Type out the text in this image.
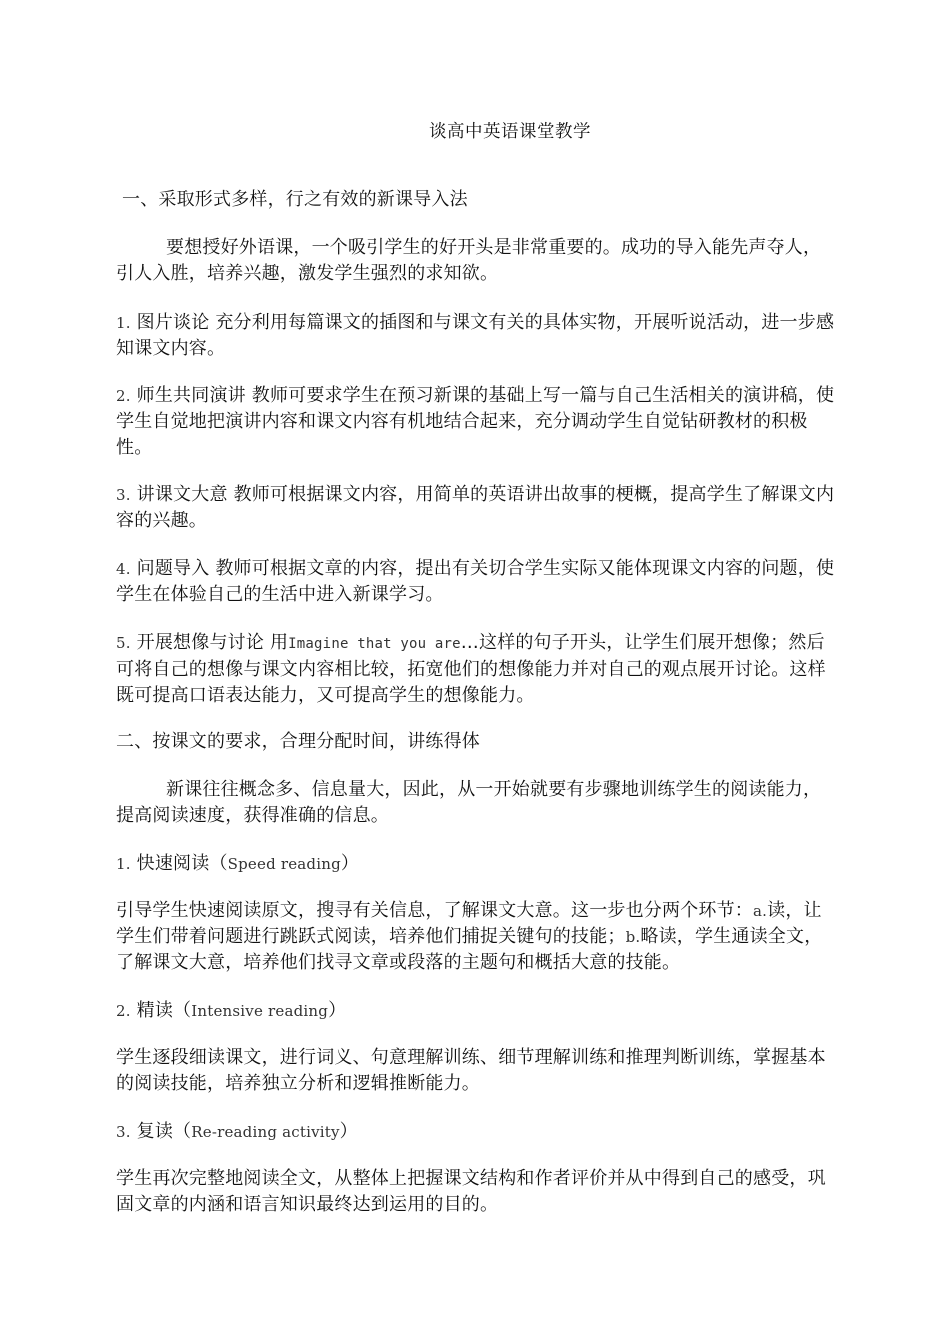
谈高中英语课堂教学

一、采取形式多样，行之有效的新课导入法

要想授好外语课，一个吸引学生的好开头是非常重要的。成功的导入能先声夺人，引人入胜，培养兴趣，激发学生强烈的求知欲。

1. 图片谈论 充分利用每篇课文的插图和与课文有关的具体实物，开展听说活动，进一步感知课文内容。

2. 师生共同演讲 教师可要求学生在预习新课的基础上写一篇与自己生活相关的演讲稿，使学生自觉地把演讲内容和课文内容有机地结合起来，充分调动学生自觉钻研教材的积极性。

3. 讲课文大意 教师可根据课文内容，用简单的英语讲出故事的梗概，提高学生了解课文内容的兴趣。

4. 问题导入 教师可根据文章的内容，提出有关切合学生实际又能体现课文内容的问题，使学生在体验自己的生活中进入新课学习。

5. 开展想像与讨论 用Imagine that you are…这样的句子开头，让学生们展开想像；然后可将自己的想像与课文内容相比较，拓宽他们的想像能力并对自己的观点展开讨论。这样既可提高口语表达能力，又可提高学生的想像能力。

二、按课文的要求，合理分配时间，讲练得体

新课往往概念多、信息量大，因此，从一开始就要有步骤地训练学生的阅读能力，提高阅读速度，获得准确的信息。

1. 快速阅读（Speed reading）

引导学生快速阅读原文，搜寻有关信息，了解课文大意。这一步也分两个环节：a.读，让学生们带着问题进行跳跃式阅读，培养他们捕捉关键句的技能；b.略读，学生通读全文，了解课文大意，培养他们找寻文章或段落的主题句和概括大意的技能。

2. 精读（Intensive reading）

学生逐段细读课文，进行词义、句意理解训练、细节理解训练和推理判断训练，掌握基本的阅读技能，培养独立分析和逻辑推断能力。

3. 复读（Re-reading activity）

学生再次完整地阅读全文，从整体上把握课文结构和作者评价并从中得到自己的感受，巩固文章的内涵和语言知识最终达到运用的目的。
